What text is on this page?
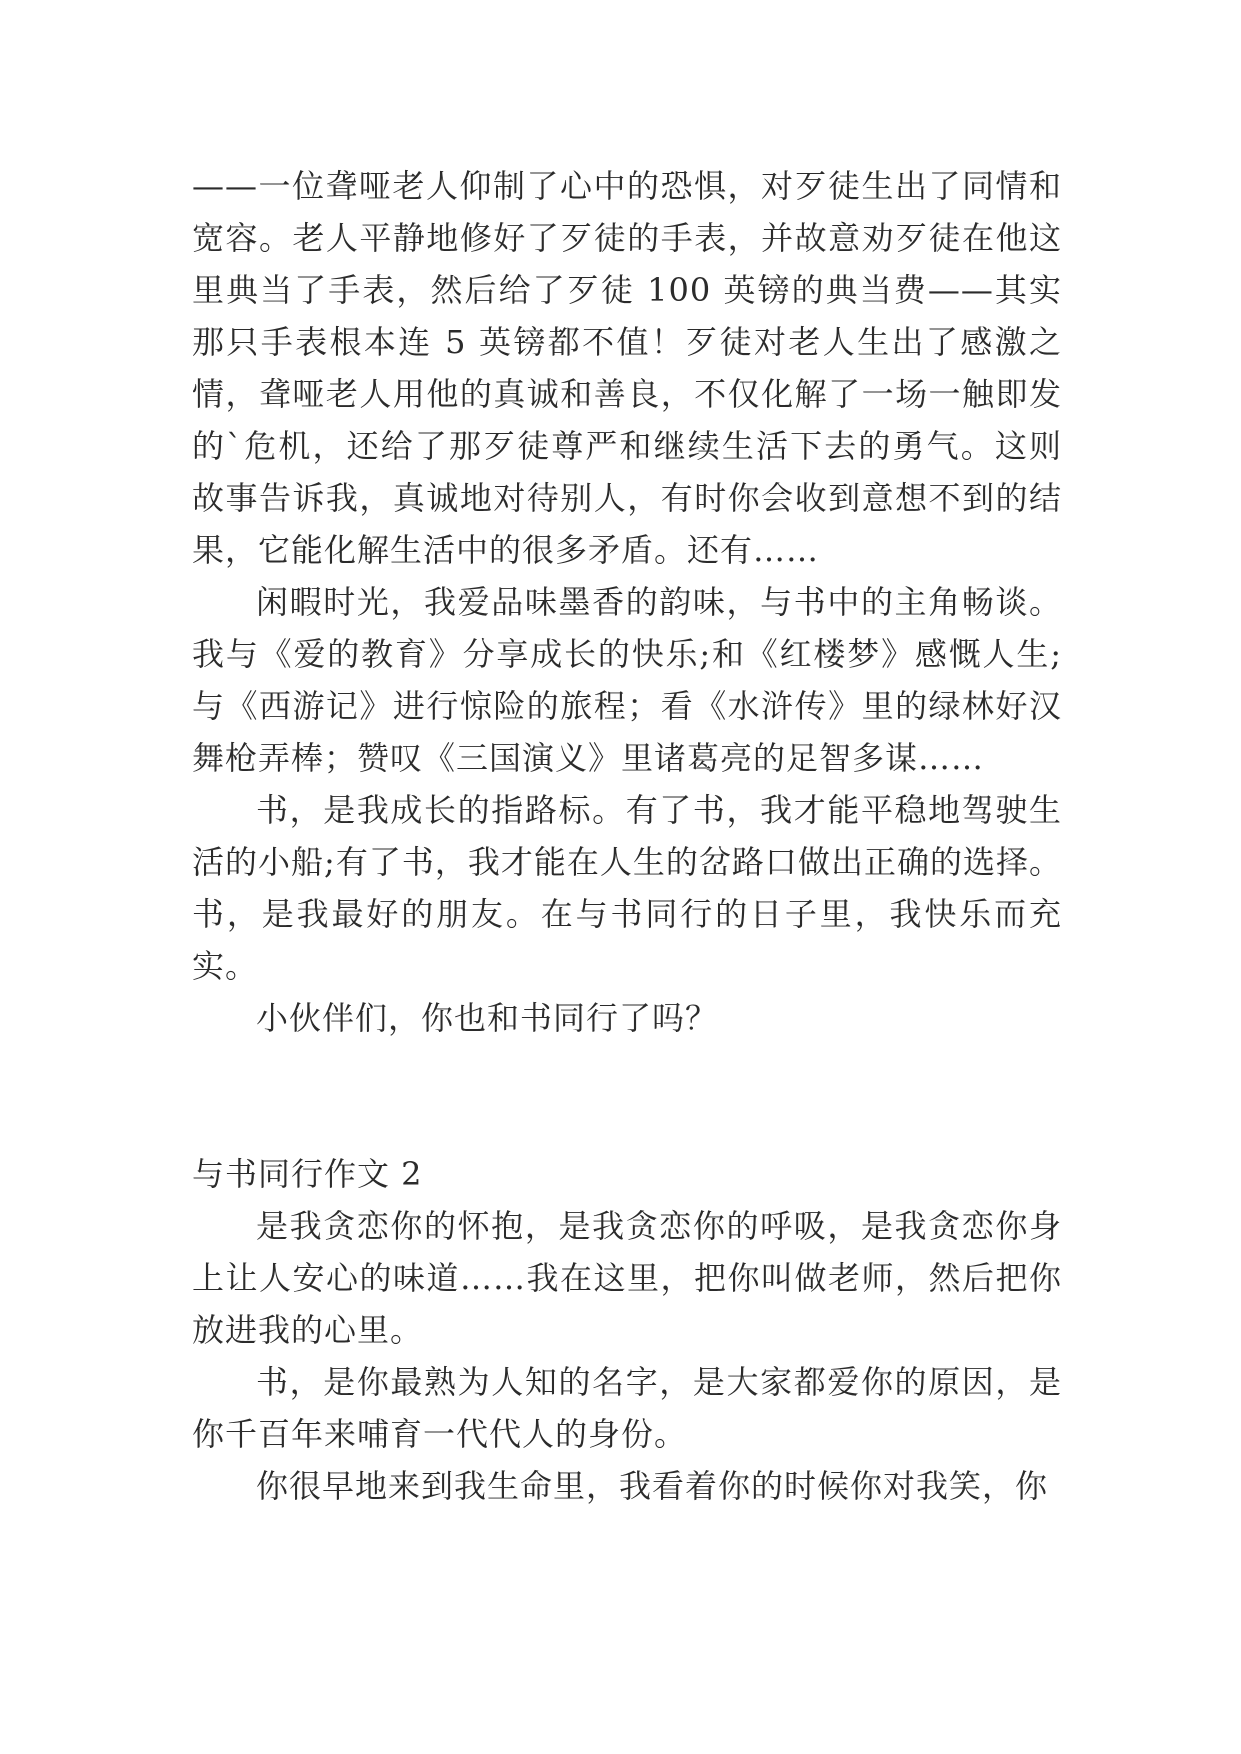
——一位聋哑老人仰制了心中的恐惧，对歹徒生出了同情和宽容。老人平静地修好了歹徒的手表，并故意劝歹徒在他这里典当了手表，然后给了歹徒 100 英镑的典当费——其实那只手表根本连 5 英镑都不值！歹徒对老人生出了感激之情，聋哑老人用他的真诚和善良，不仅化解了一场一触即发的`危机，还给了那歹徒尊严和继续生活下去的勇气。这则故事告诉我，真诚地对待别人，有时你会收到意想不到的结果，它能化解生活中的很多矛盾。还有……

闲暇时光，我爱品味墨香的韵味，与书中的主角畅谈。我与《爱的教育》分享成长的快乐;和《红楼梦》感慨人生;与《西游记》进行惊险的旅程；看《水浒传》里的绿林好汉舞枪弄棒；赞叹《三国演义》里诸葛亮的足智多谋……

书，是我成长的指路标。有了书，我才能平稳地驾驶生活的小船;有了书，我才能在人生的岔路口做出正确的选择。书，是我最好的朋友。在与书同行的日子里，我快乐而充实。

小伙伴们，你也和书同行了吗？

与书同行作文 2

是我贪恋你的怀抱，是我贪恋你的呼吸，是我贪恋你身上让人安心的味道……我在这里，把你叫做老师，然后把你放进我的心里。

书，是你最熟为人知的名字，是大家都爱你的原因，是你千百年来哺育一代代人的身份。

你很早地来到我生命里，我看着你的时候你对我笑，你
